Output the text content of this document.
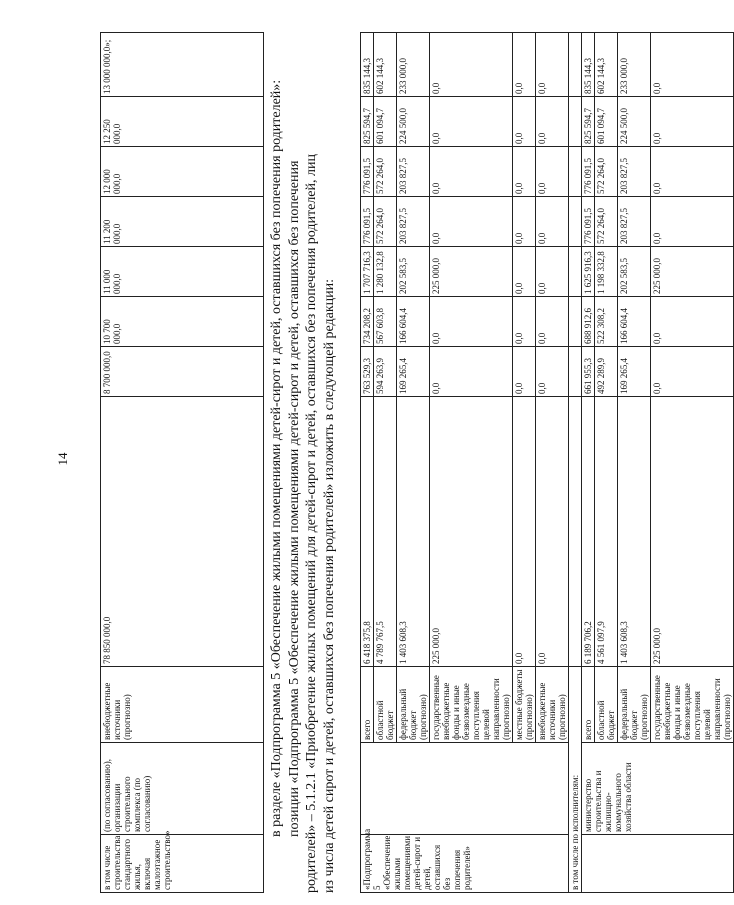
14
в том числе строительства стандартного жилья, включая малоэтажное строительство»	(по согласованию), организации строительного комплекса (по согласованию)	внебюджетные источники (прогнозно)	78 850 000,0	8 700 000,0	10 700 000,0	11 000 000,0	11 200 000,0	12 000 000,0	12 250 000,0	13 000 000,0»;

в разделе «Подпрограмма 5 «Обеспечение жилыми помещениями детей-сирот и детей, оставшихся без попечения родителей»: позиции «Подпрограмма 5 «Обеспечение жилыми помещениями детей-сирот и детей, оставшихся без попечения родителей» – 5.1.2.1 «Приобретение жилых помещений для детей-сирот и детей, оставшихся без попечения родителей, лиц из числа детей сирот и детей, оставшихся без попечения родителей» изложить в следующей редакции:	«Подпрограмма 5 «Обеспечение жилыми помещениями детей-сирот и детей, оставшихся без попечения родителей»		всего	6 418 375,8	763 529,3	734 208,2	1 707 716,3	776 091,5	776 091,5	825 594,7	835 144,3
		областной бюджет	4 789 767,5	594 263,9	567 603,8	1 280 132,8	572 264,0	572 264,0	601 094,7	602 144,3
		федеральный бюджет (прогнозно)	1 403 608,3	169 265,4	166 604,4	202 583,5	203 827,5	203 827,5	224 500,0	233 000,0
		государственные внебюджетные фонды и иные безвозмездные поступления целевой направленности (прогнозно)	225 000,0	0,0	0,0	225 000,0	0,0	0,0	0,0	0,0
		местные бюджеты (прогнозно)	0,0	0,0	0,0	0,0	0,0	0,0	0,0	0,0
		внебюджетные источники (прогнозно)	0,0	0,0	0,0	0,0	0,0	0,0	0,0	0,0
в том числе по исполнителям:										
	министерство строительства и жилищно-коммунального хозяйства области	всего	6 189 706,2	661 955,3	688 912,6	1 625 916,3	776 091,5	776 091,5	825 594,7	835 144,3
		областной бюджет	4 561 097,9	492 289,9	522 308,2	1 198 332,8	572 264,0	572 264,0	601 094,7	602 144,3
		федеральный бюджет (прогнозно)	1 403 608,3	169 265,4	166 604,4	202 583,5	203 827,5	203 827,5	224 500,0	233 000,0
		государственные внебюджетные фонды и иные безвозмездные поступления целевой направленности (прогнозно)	225 000,0	0,0	0,0	225 000,0	0,0	0,0	0,0	0,0
